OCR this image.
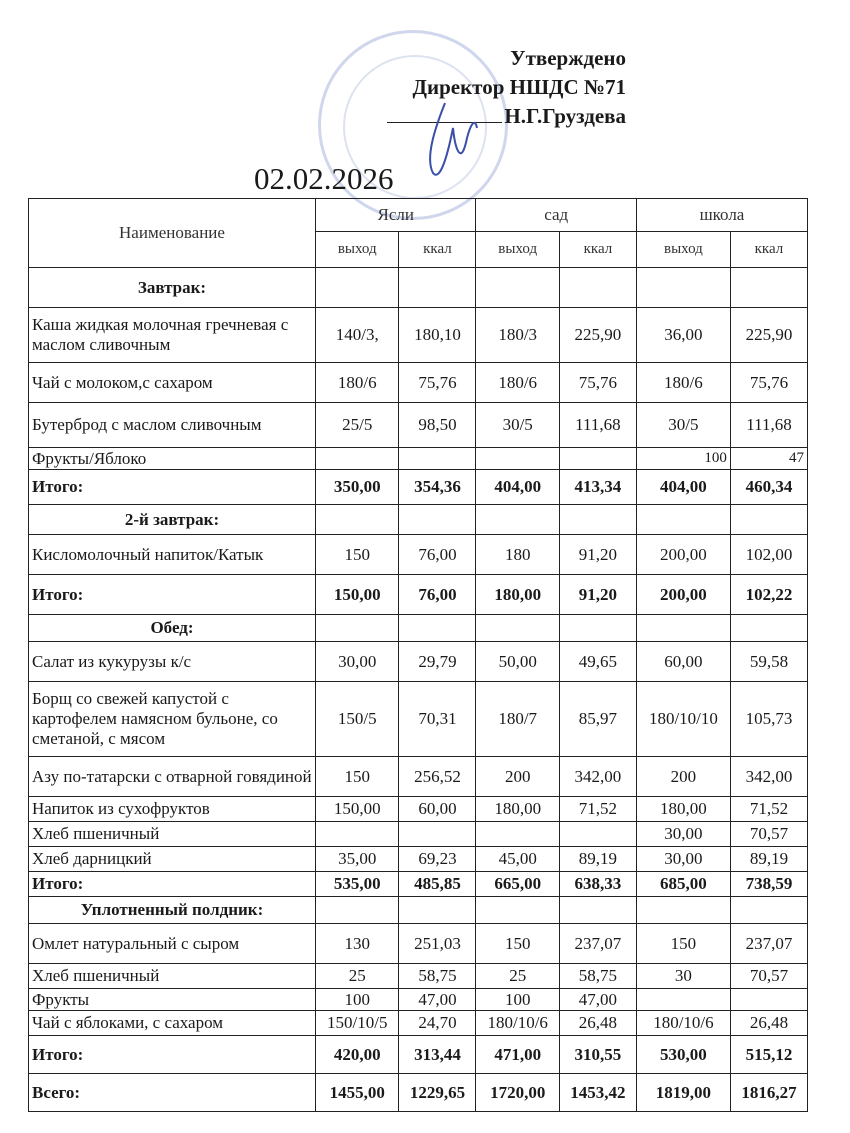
Утверждено
Директор НШДС №71
Н.Г.Груздева
02.02.2026
Наименование	Ясли		сад		школа	
	выход	ккал	выход	ккал	выход	ккал
Завтрак:						
Каша жидкая молочная гречневая с маслом сливочным	140/3,	180,10	180/3	225,90	36,00	225,90
Чай с молоком,с сахаром	180/6	75,76	180/6	75,76	180/6	75,76
Бутерброд с маслом сливочным	25/5	98,50	30/5	111,68	30/5	111,68
Фрукты/Яблоко					100	47
Итого:	350,00	354,36	404,00	413,34	404,00	460,34
2-й завтрак:						
Кисломолочный напиток/Катык	150	76,00	180	91,20	200,00	102,00
Итого:	150,00	76,00	180,00	91,20	200,00	102,22
Обед:						
Салат из кукурузы к/с	30,00	29,79	50,00	49,65	60,00	59,58
Борщ со свежей капустой с картофелем намясном бульоне, со сметаной, с мясом	150/5	70,31	180/7	85,97	180/10/10	105,73
Азу по-татарски с отварной говядиной	150	256,52	200	342,00	200	342,00
Напиток из сухофруктов	150,00	60,00	180,00	71,52	180,00	71,52
Хлеб пшеничный					30,00	70,57
Хлеб дарницкий	35,00	69,23	45,00	89,19	30,00	89,19
Итого:	535,00	485,85	665,00	638,33	685,00	738,59
Уплотненный полдник:						
Омлет натуральный с сыром	130	251,03	150	237,07	150	237,07
Хлеб пшеничный	25	58,75	25	58,75	30	70,57
Фрукты	100	47,00	100	47,00		
Чай с яблоками, с сахаром	150/10/5	24,70	180/10/6	26,48	180/10/6	26,48
Итого:	420,00	313,44	471,00	310,55	530,00	515,12
Всего:	1455,00	1229,65	1720,00	1453,42	1819,00	1816,27
